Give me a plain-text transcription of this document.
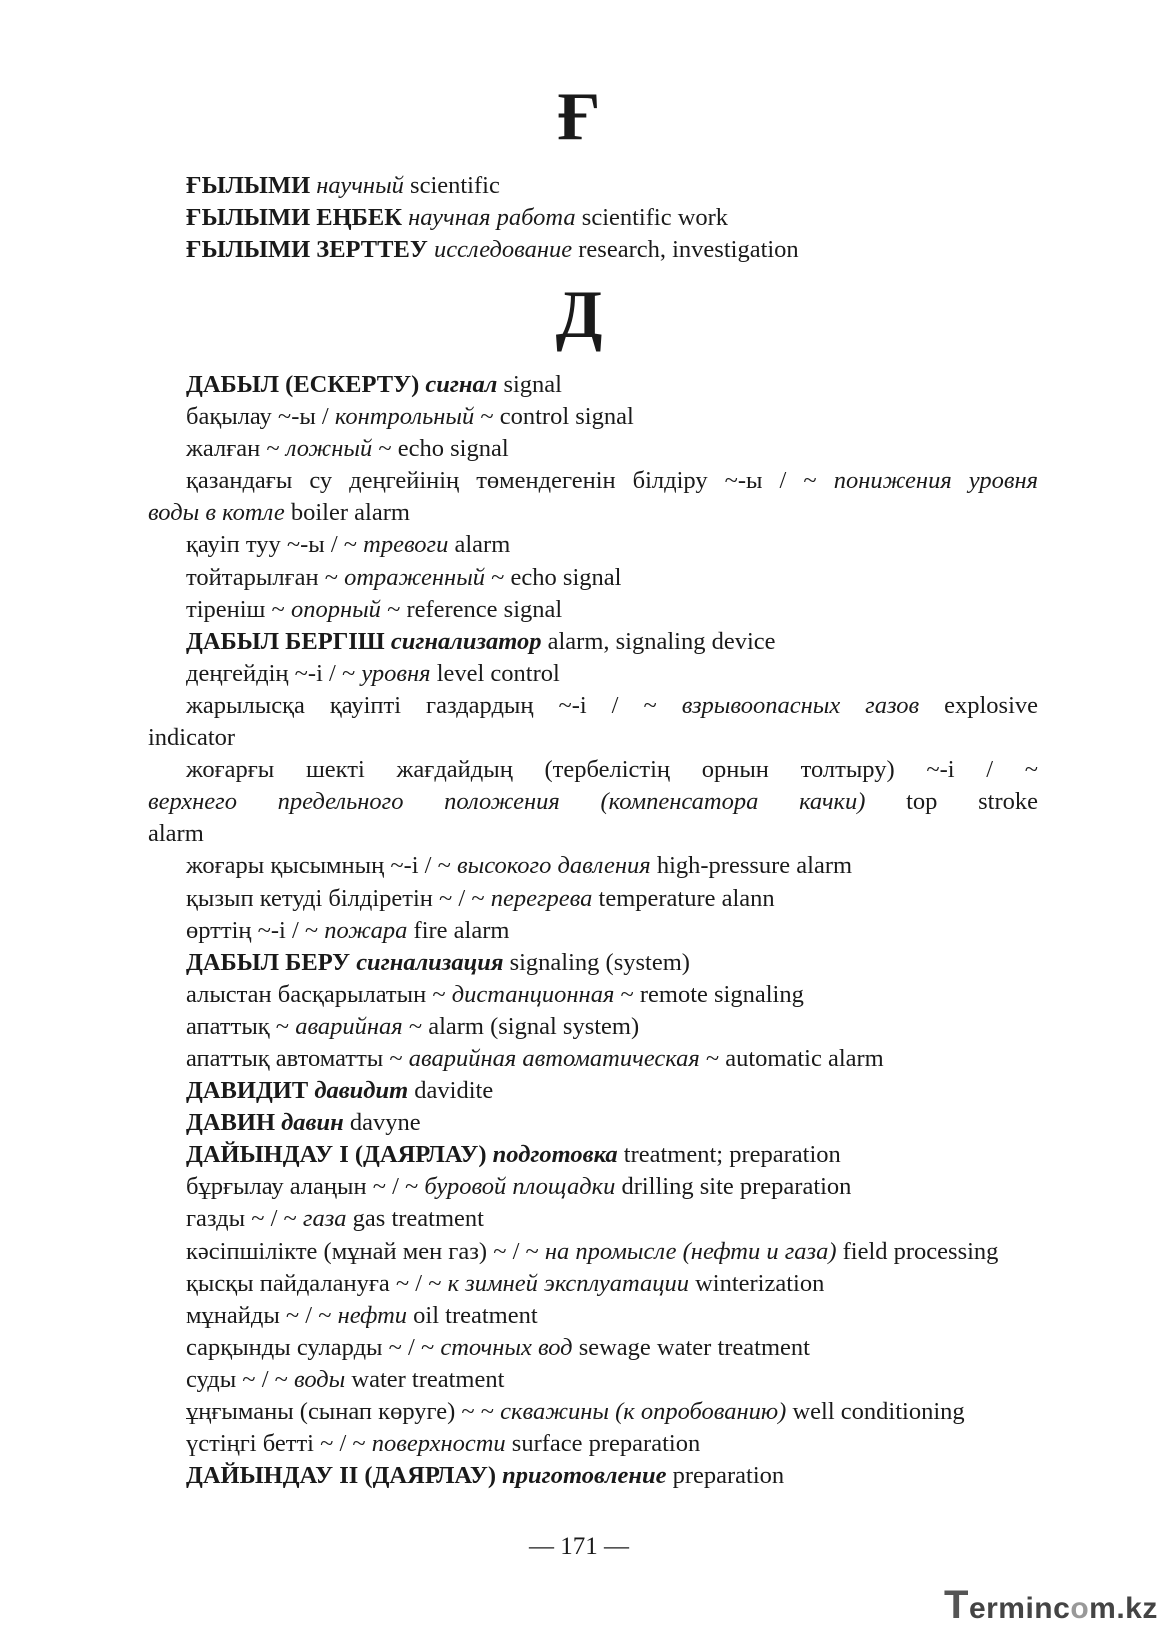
Ғ
ҒЫЛЫМИ научный scientific
ҒЫЛЫМИ ЕҢБЕК научная работа scientific work
ҒЫЛЫМИ ЗЕРТТЕУ исследование research, investigation
Д
ДАБЫЛ (ЕСКЕРТУ) сигнал signal
бақылау ~-ы / контрольный ~ control signal
жалған ~ ложный ~ echo signal
қазандағы су деңгейінің төмендегенін білдіру ~-ы / ~ понижения уровня
воды в котле boiler alarm
қауіп туу ~-ы / ~ тревоги alarm
тойтарылған ~ отраженный ~ echo signal
тіреніш ~ опорный ~ reference signal
ДАБЫЛ БЕРГІШ сигнализатор alarm, signaling device
деңгейдің ~-і / ~ уровня level control
жарылысқа қауіпті газдардың ~-і / ~ взрывоопасных газов explosive
indicator
жоғарғы шекті жағдайдың (тербелістің орнын толтыру) ~-і / ~
верхнего предельного положения (компенсатора качки) top stroke
alarm
жоғары қысымның ~-і / ~ высокого давления high-pressure alarm
қызып кетуді білдіретін ~ / ~ перегрева temperature alann
өрттің ~-і / ~ пожара fire alarm
ДАБЫЛ БЕРУ сигнализация signaling (system)
алыстан басқарылатын ~ дистанционная ~ remote signaling
апаттық ~ аварийная ~ alarm (signal system)
апаттық автоматты ~ аварийная автоматическая ~ automatic alarm
ДАВИДИТ давидит davidite
ДАВИН давин davyne
ДАЙЫНДАУ I (ДАЯРЛАУ) подготовка treatment; preparation
бұрғылау алаңын ~ / ~ буровой площадки drilling site preparation
газды ~ / ~ газа gas treatment
кәсіпшілікте (мұнай мен газ) ~ / ~ на промысле (нефти и газа) field processing
қысқы пайдалануға ~ / ~ к зимней эксплуатации winterization
мұнайды ~ / ~ нефти oil treatment
сарқынды суларды ~ / ~ сточных вод sewage water treatment
суды ~ / ~ воды water treatment
ұңғыманы (сынап көруге) ~ ~ скважины (к опробованию) well conditioning
үстіңгі бетті ~ / ~ поверхности surface preparation
ДАЙЫНДАУ II (ДАЯРЛАУ) приготовление preparation
— 171 —
Termincom.kz
